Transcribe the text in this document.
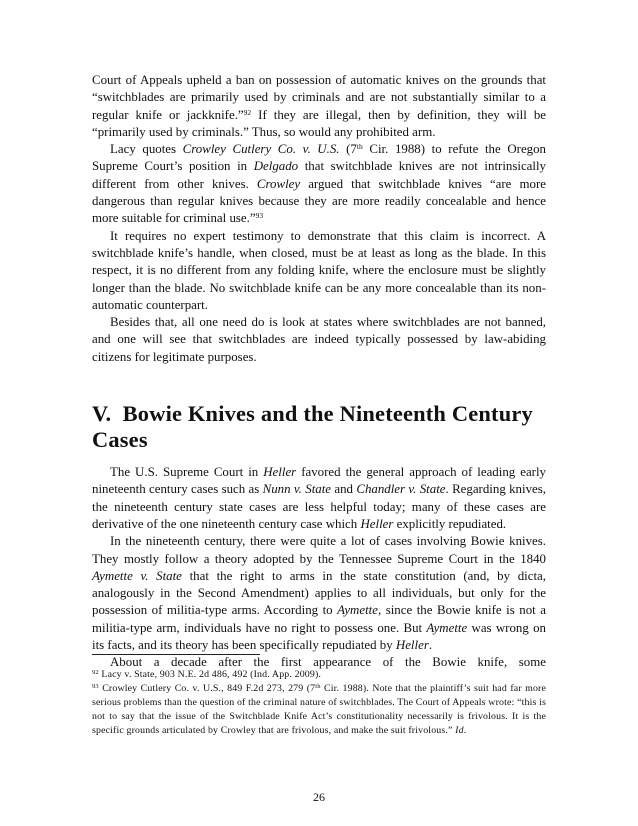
Court of Appeals upheld a ban on possession of automatic knives on the grounds that “switchblades are primarily used by criminals and are not substantially similar to a regular knife or jackknife.”$^{92}$ If they are illegal, then by definition, they will be “primarily used by criminals.” Thus, so would any prohibited arm.

Lacy quotes Crowley Cutlery Co. v. U.S. (7th Cir. 1988) to refute the Oregon Supreme Court’s position in Delgado that switchblade knives are not intrinsically different from other knives. Crowley argued that switchblade knives “are more dangerous than regular knives because they are more readily concealable and hence more suitable for criminal use.”$^{93}$

It requires no expert testimony to demonstrate that this claim is incorrect. A switchblade knife’s handle, when closed, must be at least as long as the blade. In this respect, it is no different from any folding knife, where the enclosure must be slightly longer than the blade. No switchblade knife can be any more concealable than its non-automatic counterpart.

Besides that, all one need do is look at states where switchblades are not banned, and one will see that switchblades are indeed typically possessed by law-abiding citizens for legitimate purposes.

V. Bowie Knives and the Nineteenth Century Cases

The U.S. Supreme Court in Heller favored the general approach of leading early nineteenth century cases such as Nunn v. State and Chandler v. State. Regarding knives, the nineteenth century state cases are less helpful today; many of these cases are derivative of the one nineteenth century case which Heller explicitly repudiated.

In the nineteenth century, there were quite a lot of cases involving Bowie knives. They mostly follow a theory adopted by the Tennessee Supreme Court in the 1840 Aymette v. State that the right to arms in the state constitution (and, by dicta, analogously in the Second Amendment) applies to all individuals, but only for the possession of militia-type arms. According to Aymette, since the Bowie knife is not a militia-type arm, individuals have no right to possess one. But Aymette was wrong on its facts, and its theory has been specifically repudiated by Heller.

About a decade after the first appearance of the Bowie knife, some

$^{92}$ Lacy v. State, 903 N.E. 2d 486, 492 (Ind. App. 2009).

$^{93}$ Crowley Cutlery Co. v. U.S., 849 F.2d 273, 279 (7th Cir. 1988). Note that the plaintiff’s suit had far more serious problems than the question of the criminal nature of switchblades. The Court of Appeals wrote: “this is not to say that the issue of the Switchblade Knife Act’s constitutionality necessarily is frivolous. It is the specific grounds articulated by Crowley that are frivolous, and make the suit frivolous.” Id.

26
